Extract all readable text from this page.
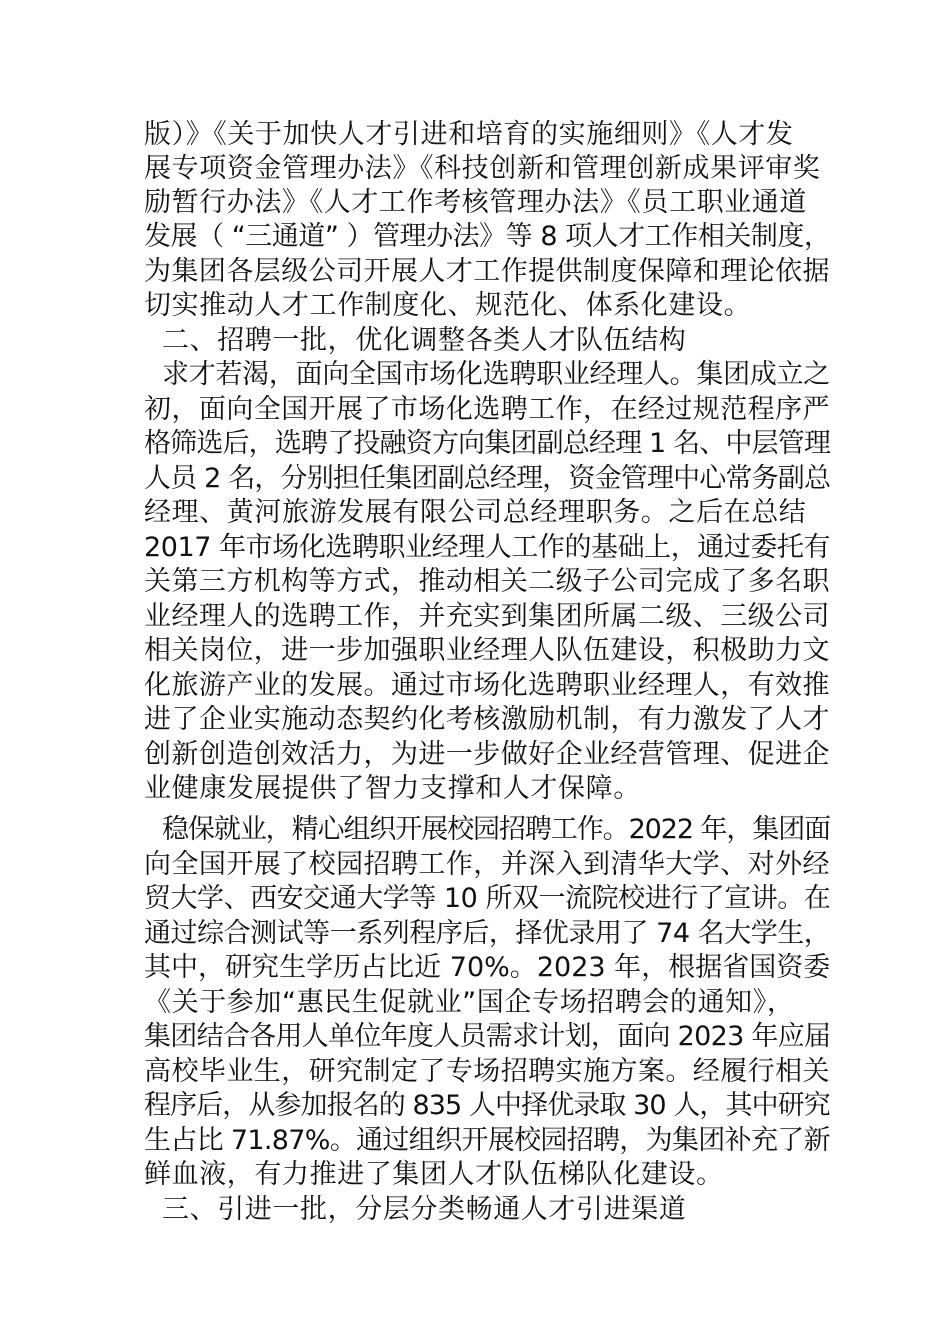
版）》《关于加快人才引进和培育的实施细则》《人才发
展专项资金管理办法》《科技创新和管理创新成果评审奖
励暂行办法》《人才工作考核管理办法》《员工职业通道
发展（ “三通道” ）管理办法》等 8 项人才工作相关制度，
为集团各层级公司开展人才工作提供制度保障和理论依据
切实推动人才工作制度化、规范化、体系化建设。
二、招聘一批，优化调整各类人才队伍结构
求才若渴，面向全国市场化选聘职业经理人。集团成立之
初，面向全国开展了市场化选聘工作，在经过规范程序严
格筛选后，选聘了投融资方向集团副总经理 1 名、中层管理
人员 2 名，分别担任集团副总经理，资金管理中心常务副总
经理、黄河旅游发展有限公司总经理职务。之后在总结
2017 年市场化选聘职业经理人工作的基础上，通过委托有
关第三方机构等方式，推动相关二级子公司完成了多名职
业经理人的选聘工作，并充实到集团所属二级、三级公司
相关岗位，进一步加强职业经理人队伍建设，积极助力文
化旅游产业的发展。通过市场化选聘职业经理人，有效推
进了企业实施动态契约化考核激励机制，有力激发了人才
创新创造创效活力，为进一步做好企业经营管理、促进企
业健康发展提供了智力支撑和人才保障。
稳保就业，精心组织开展校园招聘工作。2022 年，集团面
向全国开展了校园招聘工作，并深入到清华大学、对外经
贸大学、西安交通大学等 10 所双一流院校进行了宣讲。在
通过综合测试等一系列程序后，择优录用了 74 名大学生，
其中，研究生学历占比近 70%。2023 年，根据省国资委
《关于参加“惠民生促就业”国企专场招聘会的通知》，
集团结合各用人单位年度人员需求计划，面向 2023 年应届
高校毕业生，研究制定了专场招聘实施方案。经履行相关
程序后，从参加报名的 835 人中择优录取 30 人，其中研究
生占比 71.87%。通过组织开展校园招聘，为集团补充了新
鲜血液，有力推进了集团人才队伍梯队化建设。
三、引进一批，分层分类畅通人才引进渠道
